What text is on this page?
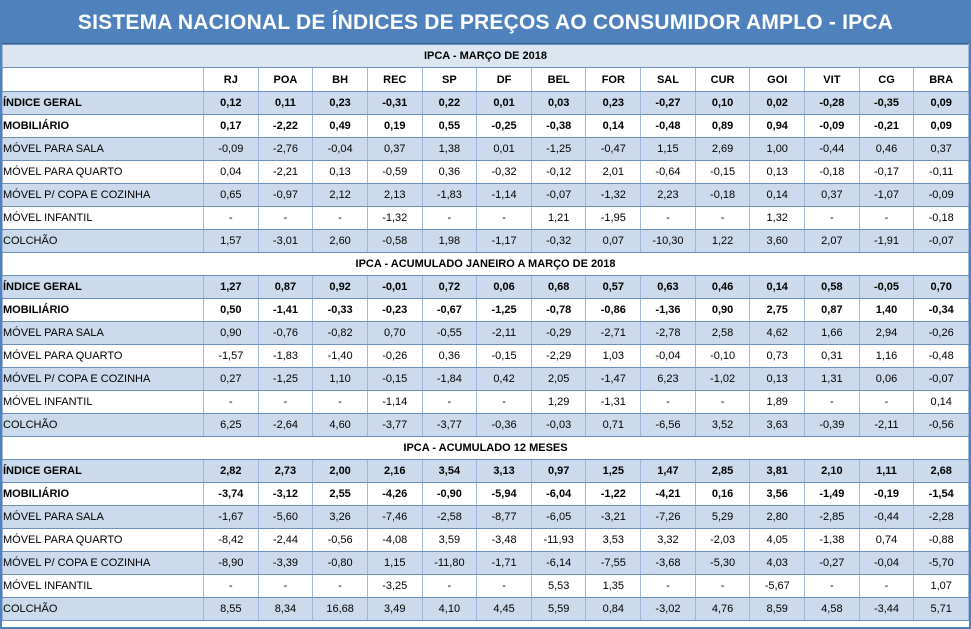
SISTEMA NACIONAL DE ÍNDICES DE PREÇOS AO CONSUMIDOR AMPLO - IPCA
IPCA - MARÇO DE 2018														
	RJ	POA	BH	REC	SP	DF	BEL	FOR	SAL	CUR	GOI	VIT	CG	BRA
ÍNDICE GERAL	0,12	0,11	0,23	-0,31	0,22	0,01	0,03	0,23	-0,27	0,10	0,02	-0,28	-0,35	0,09
MOBILIÁRIO	0,17	-2,22	0,49	0,19	0,55	-0,25	-0,38	0,14	-0,48	0,89	0,94	-0,09	-0,21	0,09
MÓVEL PARA SALA	-0,09	-2,76	-0,04	0,37	1,38	0,01	-1,25	-0,47	1,15	2,69	1,00	-0,44	0,46	0,37
MÓVEL PARA QUARTO	0,04	-2,21	0,13	-0,59	0,36	-0,32	-0,12	2,01	-0,64	-0,15	0,13	-0,18	-0,17	-0,11
MÓVEL P/ COPA E COZINHA	0,65	-0,97	2,12	2,13	-1,83	-1,14	-0,07	-1,32	2,23	-0,18	0,14	0,37	-1,07	-0,09
MÓVEL INFANTIL	-	-	-	-1,32	-	-	1,21	-1,95	-	-	1,32	-	-	-0,18
COLCHÃO	1,57	-3,01	2,60	-0,58	1,98	-1,17	-0,32	0,07	-10,30	1,22	3,60	2,07	-1,91	-0,07
IPCA - ACUMULADO JANEIRO A MARÇO DE 2018														
ÍNDICE GERAL	1,27	0,87	0,92	-0,01	0,72	0,06	0,68	0,57	0,63	0,46	0,14	0,58	-0,05	0,70
MOBILIÁRIO	0,50	-1,41	-0,33	-0,23	-0,67	-1,25	-0,78	-0,86	-1,36	0,90	2,75	0,87	1,40	-0,34
MÓVEL PARA SALA	0,90	-0,76	-0,82	0,70	-0,55	-2,11	-0,29	-2,71	-2,78	2,58	4,62	1,66	2,94	-0,26
MÓVEL PARA QUARTO	-1,57	-1,83	-1,40	-0,26	0,36	-0,15	-2,29	1,03	-0,04	-0,10	0,73	0,31	1,16	-0,48
MÓVEL P/ COPA E COZINHA	0,27	-1,25	1,10	-0,15	-1,84	0,42	2,05	-1,47	6,23	-1,02	0,13	1,31	0,06	-0,07
MÓVEL INFANTIL	-	-	-	-1,14	-	-	1,29	-1,31	-	-	1,89	-	-	0,14
COLCHÃO	6,25	-2,64	4,60	-3,77	-3,77	-0,36	-0,03	0,71	-6,56	3,52	3,63	-0,39	-2,11	-0,56
IPCA - ACUMULADO 12 MESES														
ÍNDICE GERAL	2,82	2,73	2,00	2,16	3,54	3,13	0,97	1,25	1,47	2,85	3,81	2,10	1,11	2,68
MOBILIÁRIO	-3,74	-3,12	2,55	-4,26	-0,90	-5,94	-6,04	-1,22	-4,21	0,16	3,56	-1,49	-0,19	-1,54
MÓVEL PARA SALA	-1,67	-5,60	3,26	-7,46	-2,58	-8,77	-6,05	-3,21	-7,26	5,29	2,80	-2,85	-0,44	-2,28
MÓVEL PARA QUARTO	-8,42	-2,44	-0,56	-4,08	3,59	-3,48	-11,93	3,53	3,32	-2,03	4,05	-1,38	0,74	-0,88
MÓVEL P/ COPA E COZINHA	-8,90	-3,39	-0,80	1,15	-11,80	-1,71	-6,14	-7,55	-3,68	-5,30	4,03	-0,27	-0,04	-5,70
MÓVEL INFANTIL	-	-	-	-3,25	-	-	5,53	1,35	-	-	-5,67	-	-	1,07
COLCHÃO	8,55	8,34	16,68	3,49	4,10	4,45	5,59	0,84	-3,02	4,76	8,59	4,58	-3,44	5,71
